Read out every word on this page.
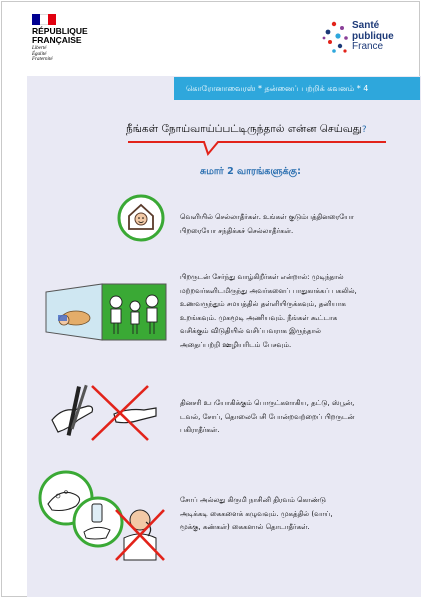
RÉPUBLIQUE
FRANÇAISE
Liberté
Égalité
Fraternité
Santé
publique
France
கொரோனாவைரஸ் * தன்னைப் பற்றிக் கவனம் * 4
நீங்கள் நோய்வாய்ப்பட்டிருந்தால் என்ன செய்வது?
சுமார் 2 வாரங்களுக்கு:
வெளியில் செல்லாதீர்கள். உங்கள் குடும்பத்தினரையோ
பிறரையோ சந்திக்கச் செல்லாதீர்கள்.
பிறருடன் சேர்ந்து வாழ்கிறீர்கள் என்றால்: முடிந்தால்
மற்றவர்களிடமிருந்து அவர்களைப் பாதுகாக்கப் பகலில்,
உணவருந்தும் சமயத்தில் தள்ளியிருக்கவும், தனியாக
உறங்கவும். முகமூடி அணியவும். நீங்கள் கூட்டாக
வசிக்கும் விடுதியில் வசிப்பவராக இருந்தால்
அதைப்பற்றி ஊழியரிடம் பேசவும்.
தினசரி உபயோகிக்கும் பொருட்களாகிய, தட்டு, ஸ்பூன்,
டவல், சோப், தொலைபேசி போன்றவற்றைப் பிறருடன்
பகிராதீர்கள்.
சோப் அல்லது கிருமி நாசினி திரவம் கொண்டு
அடிக்கடி கைகளைக் கழுவவும். முகத்தில் (வாய்,
மூக்கு, கண்கள்) கைகளால் தொடாதீர்கள்.
